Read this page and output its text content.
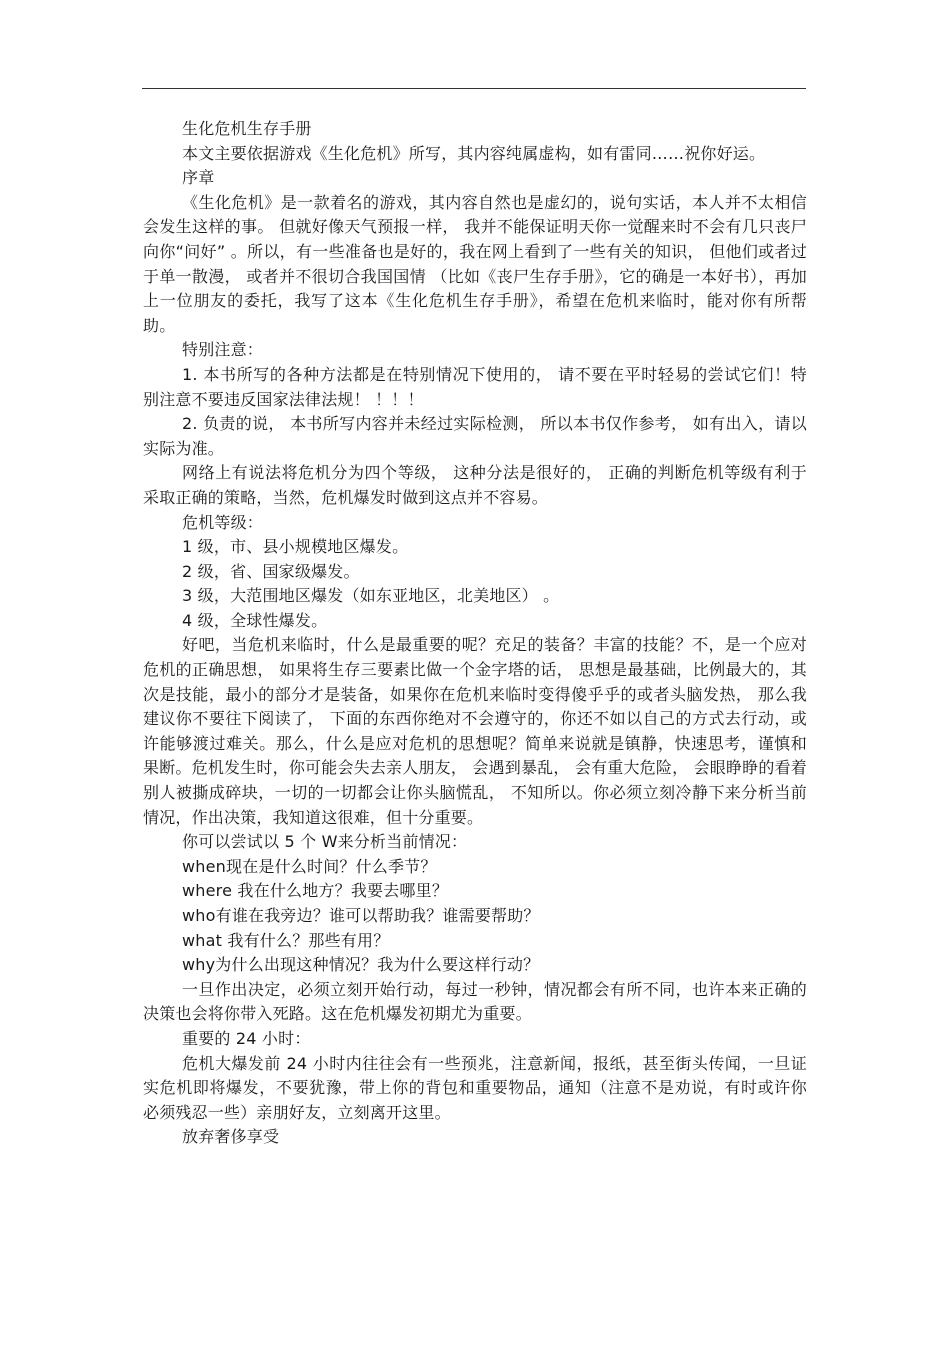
生化危机生存手册

本文主要依据游戏《生化危机》所写，其内容纯属虚构，如有雷同……祝你好运。

序章

《生化危机》是一款着名的游戏，其内容自然也是虚幻的，说句实话，本人并不太相信会发生这样的事。 但就好像天气预报一样， 我并不能保证明天你一觉醒来时不会有几只丧尸向你“问好” 。所以，有一些准备也是好的，我在网上看到了一些有关的知识， 但他们或者过于单一散漫， 或者并不很切合我国国情 （比如《丧尸生存手册》，它的确是一本好书），再加上一位朋友的委托，我写了这本《生化危机生存手册》，希望在危机来临时，能对你有所帮助。

特别注意：

1. 本书所写的各种方法都是在特别情况下使用的， 请不要在平时轻易的尝试它们！特别注意不要违反国家法律法规！ ！！！

2. 负责的说， 本书所写内容并未经过实际检测， 所以本书仅作参考， 如有出入，请以实际为准。

网络上有说法将危机分为四个等级， 这种分法是很好的， 正确的判断危机等级有利于采取正确的策略，当然，危机爆发时做到这点并不容易。

危机等级：

1 级，市、县小规模地区爆发。

2 级，省、国家级爆发。

3 级，大范围地区爆发（如东亚地区，北美地区） 。

4 级，全球性爆发。

好吧，当危机来临时，什么是最重要的呢？充足的装备？丰富的技能？不，是一个应对危机的正确思想， 如果将生存三要素比做一个金字塔的话， 思想是最基础，比例最大的，其次是技能，最小的部分才是装备，如果你在危机来临时变得傻乎乎的或者头脑发热， 那么我建议你不要往下阅读了， 下面的东西你绝对不会遵守的，你还不如以自己的方式去行动，或许能够渡过难关。那么，什么是应对危机的思想呢？简单来说就是镇静，快速思考，谨慎和果断。危机发生时，你可能会失去亲人朋友， 会遇到暴乱， 会有重大危险， 会眼睁睁的看着别人被撕成碎块，一切的一切都会让你头脑慌乱， 不知所以。你必须立刻冷静下来分析当前情况，作出决策，我知道这很难，但十分重要。

你可以尝试以 5 个 W来分析当前情况：

when现在是什么时间？什么季节？

where 我在什么地方？我要去哪里？

who有谁在我旁边？谁可以帮助我？谁需要帮助？

what 我有什么？那些有用？

why为什么出现这种情况？我为什么要这样行动？

一旦作出决定，必须立刻开始行动，每过一秒钟，情况都会有所不同，也许本来正确的决策也会将你带入死路。这在危机爆发初期尤为重要。

重要的 24 小时：

危机大爆发前 24 小时内往往会有一些预兆，注意新闻，报纸，甚至街头传闻，一旦证实危机即将爆发，不要犹豫，带上你的背包和重要物品，通知（注意不是劝说，有时或许你必须残忍一些）亲朋好友，立刻离开这里。

放弃奢侈享受
